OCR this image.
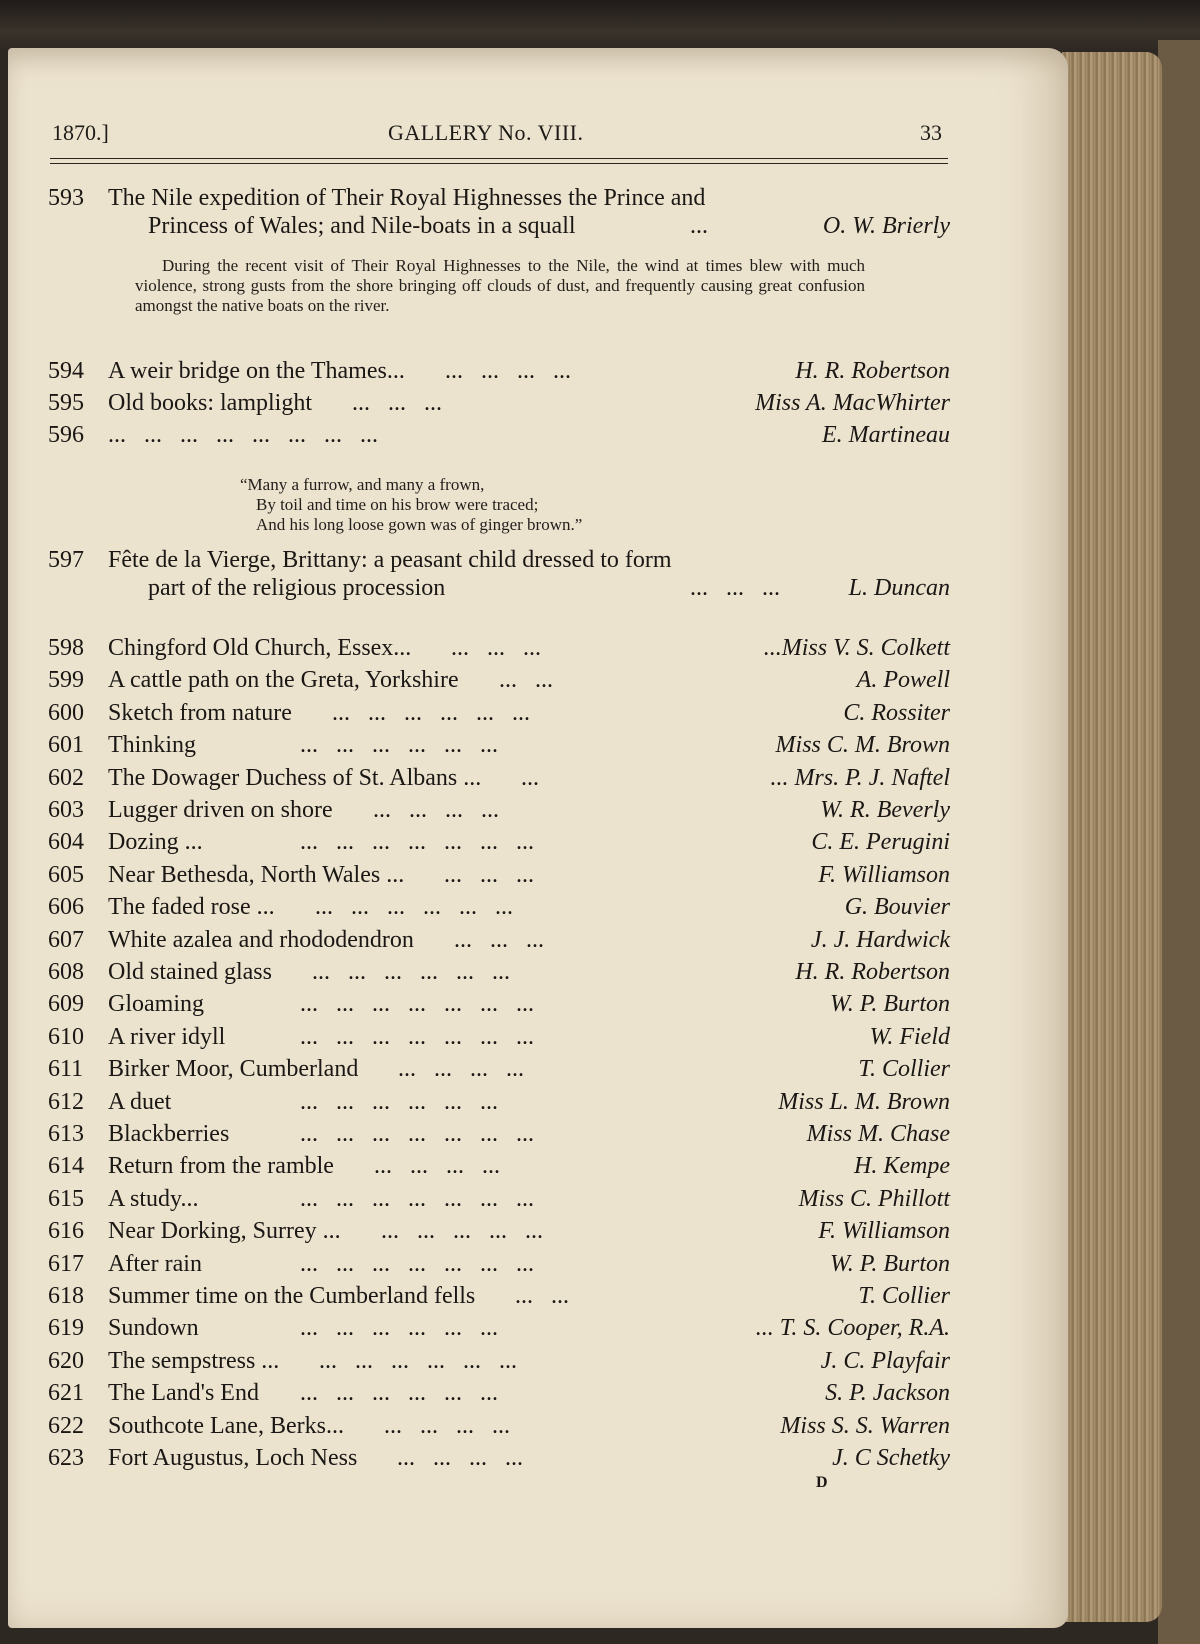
1870.]	GALLERY No. VIII.	33
593 The Nile expedition of Their Royal Highnesses the Prince and
Princess of Wales; and Nile-boats in a squall	...	O. W. Brierly
594 A weir bridge on the Thames... ...   ...   ...   ...	H. R. Robertson
595 Old books: lamplight ...   ...   ...	Miss A. MacWhirter
596 ...   ...   ...   ...   ...   ...   ...   ...	E. Martineau
597 Fête de la Vierge, Brittany: a peasant child dressed to form
part of the religious procession	...   ...   ...	L. Duncan
598 Chingford Old Church, Essex... ...   ...   ...	...Miss V. S. Colkett
599 A cattle path on the Greta, Yorkshire ...   ...	A. Powell
600 Sketch from nature ...   ...   ...   ...   ...   ...	C. Rossiter
601 Thinking	...   ...   ...   ...   ...   ...	Miss C. M. Brown
602 The Dowager Duchess of St. Albans ... ...	... Mrs. P. J. Naftel
603 Lugger driven on shore ...   ...   ...   ...	W. R. Beverly
604 Dozing ...	...   ...   ...   ...   ...   ...   ...	C. E. Perugini
605 Near Bethesda, North Wales ... ...   ...   ...	F. Williamson
606 The faded rose ... ...   ...   ...   ...   ...   ...	G. Bouvier
607 White azalea and rhododendron ...   ...   ...	J. J. Hardwick
608 Old stained glass ...   ...   ...   ...   ...   ...	H. R. Robertson
609 Gloaming	...   ...   ...   ...   ...   ...   ...	W. P. Burton
610 A river idyll	...   ...   ...   ...   ...   ...   ...	W. Field
611 Birker Moor, Cumberland ...   ...   ...   ...	T. Collier
612 A duet	...   ...   ...   ...   ...   ...	Miss L. M. Brown
613 Blackberries	...   ...   ...   ...   ...   ...   ...	Miss M. Chase
614 Return from the ramble ...   ...   ...   ...	H. Kempe
615 A study...	...   ...   ...   ...   ...   ...   ...	Miss C. Phillott
616 Near Dorking, Surrey ... ...   ...   ...   ...   ...	F. Williamson
617 After rain	...   ...   ...   ...   ...   ...   ...	W. P. Burton
618 Summer time on the Cumberland fells ...   ...	T. Collier
619 Sundown	...   ...   ...   ...   ...   ...	... T. S. Cooper, R.A.
620 The sempstress ... ...   ...   ...   ...   ...   ...	J. C. Playfair
621 The Land's End ...   ...   ...   ...   ...   ...	S. P. Jackson
622 Southcote Lane, Berks... ...   ...   ...   ...	Miss S. S. Warren
623 Fort Augustus, Loch Ness ...   ...   ...   ...	J. C Schetky
During the recent visit of Their Royal Highnesses to the Nile, the wind at times blew with much violence, strong gusts from the shore bringing off clouds of dust, and frequently causing great confusion amongst the native boats on the river.
“Many a furrow, and many a frown,
By toil and time on his brow were traced;
And his long loose gown was of ginger brown.”
D
